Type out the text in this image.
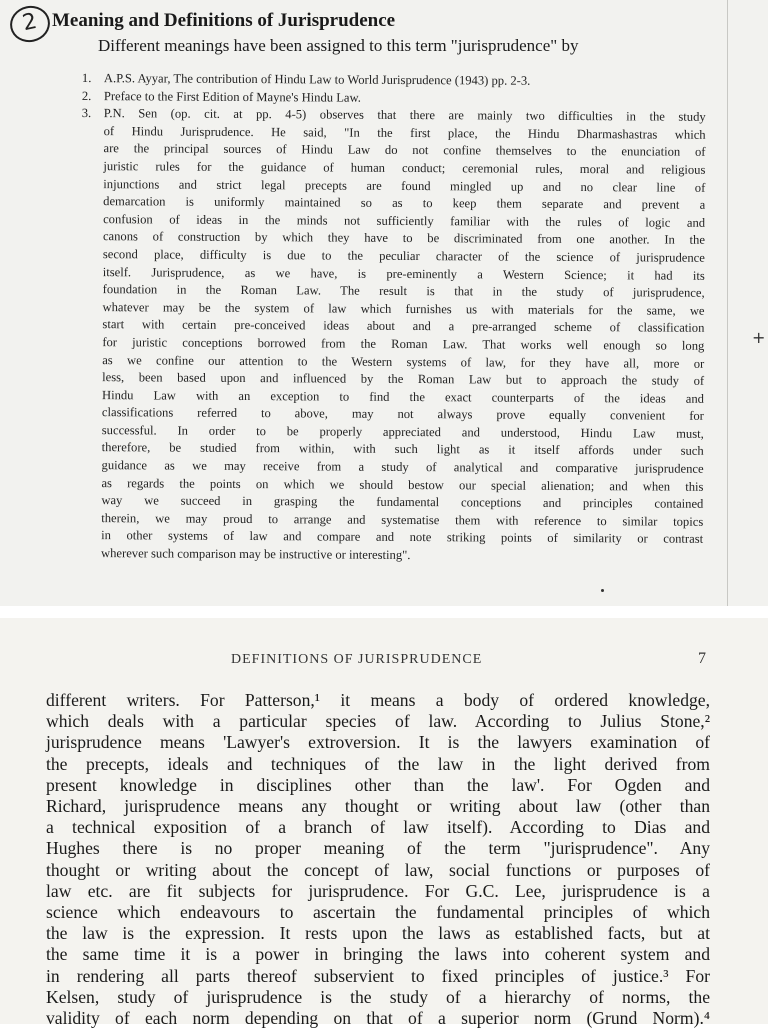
2 Meaning and Definitions of Jurisprudence
Different meanings have been assigned to this term "jurisprudence" by
1. A.P.S. Ayyar, The contribution of Hindu Law to World Jurisprudence (1943) pp. 2-3.
2. Preface to the First Edition of Mayne's Hindu Law.
3. P.N. Sen (op. cit. at pp. 4-5) observes that there are mainly two difficulties in the study
of Hindu Jurisprudence. He said, "In the first place, the Hindu Dharmashastras which
are the principal sources of Hindu Law do not confine themselves to the enunciation of
juristic rules for the guidance of human conduct; ceremonial rules, moral and religious
injunctions and strict legal precepts are found mingled up and no clear line of
demarcation is uniformly maintained so as to keep them separate and prevent a
confusion of ideas in the minds not sufficiently familiar with the rules of logic and
canons of construction by which they have to be discriminated from one another. In the
second place, difficulty is due to the peculiar character of the science of jurisprudence
itself. Jurisprudence, as we have, is pre-eminently a Western Science; it had its
foundation in the Roman Law. The result is that in the study of jurisprudence,
whatever may be the system of law which furnishes us with materials for the same, we
start with certain pre-conceived ideas about and a pre-arranged scheme of classification
for juristic conceptions borrowed from the Roman Law. That works well enough so long
as we confine our attention to the Western systems of law, for they have all, more or
less, been based upon and influenced by the Roman Law but to approach the study of
Hindu Law with an exception to find the exact counterparts of the ideas and
classifications referred to above, may not always prove equally convenient for
successful. In order to be properly appreciated and understood, Hindu Law must,
therefore, be studied from within, with such light as it itself affords under such
guidance as we may receive from a study of analytical and comparative jurisprudence
as regards the points on which we should bestow our special alienation; and when this
way we succeed in grasping the fundamental conceptions and principles contained
therein, we may proud to arrange and systematise them with reference to similar topics
in other systems of law and compare and note striking points of similarity or contrast
wherever such comparison may be instructive or interesting".
+
DEFINITIONS OF JURISPRUDENCE	7
different writers. For Patterson,¹ it means a body of ordered knowledge,
which deals with a particular species of law. According to Julius Stone,²
jurisprudence means 'Lawyer's extroversion. It is the lawyers examination of
the precepts, ideals and techniques of the law in the light derived from
present knowledge in disciplines other than the law'. For Ogden and
Richard, jurisprudence means any thought or writing about law (other than
a technical exposition of a branch of law itself). According to Dias and
Hughes there is no proper meaning of the term "jurisprudence". Any
thought or writing about the concept of law, social functions or purposes of
law etc. are fit subjects for jurisprudence. For G.C. Lee, jurisprudence is a
science which endeavours to ascertain the fundamental principles of which
the law is the expression. It rests upon the laws as established facts, but at
the same time it is a power in bringing the laws into coherent system and
in rendering all parts thereof subservient to fixed principles of justice.³ For
Kelsen, study of jurisprudence is the study of a hierarchy of norms, the
validity of each norm depending on that of a superior norm (Grund Norm).⁴
